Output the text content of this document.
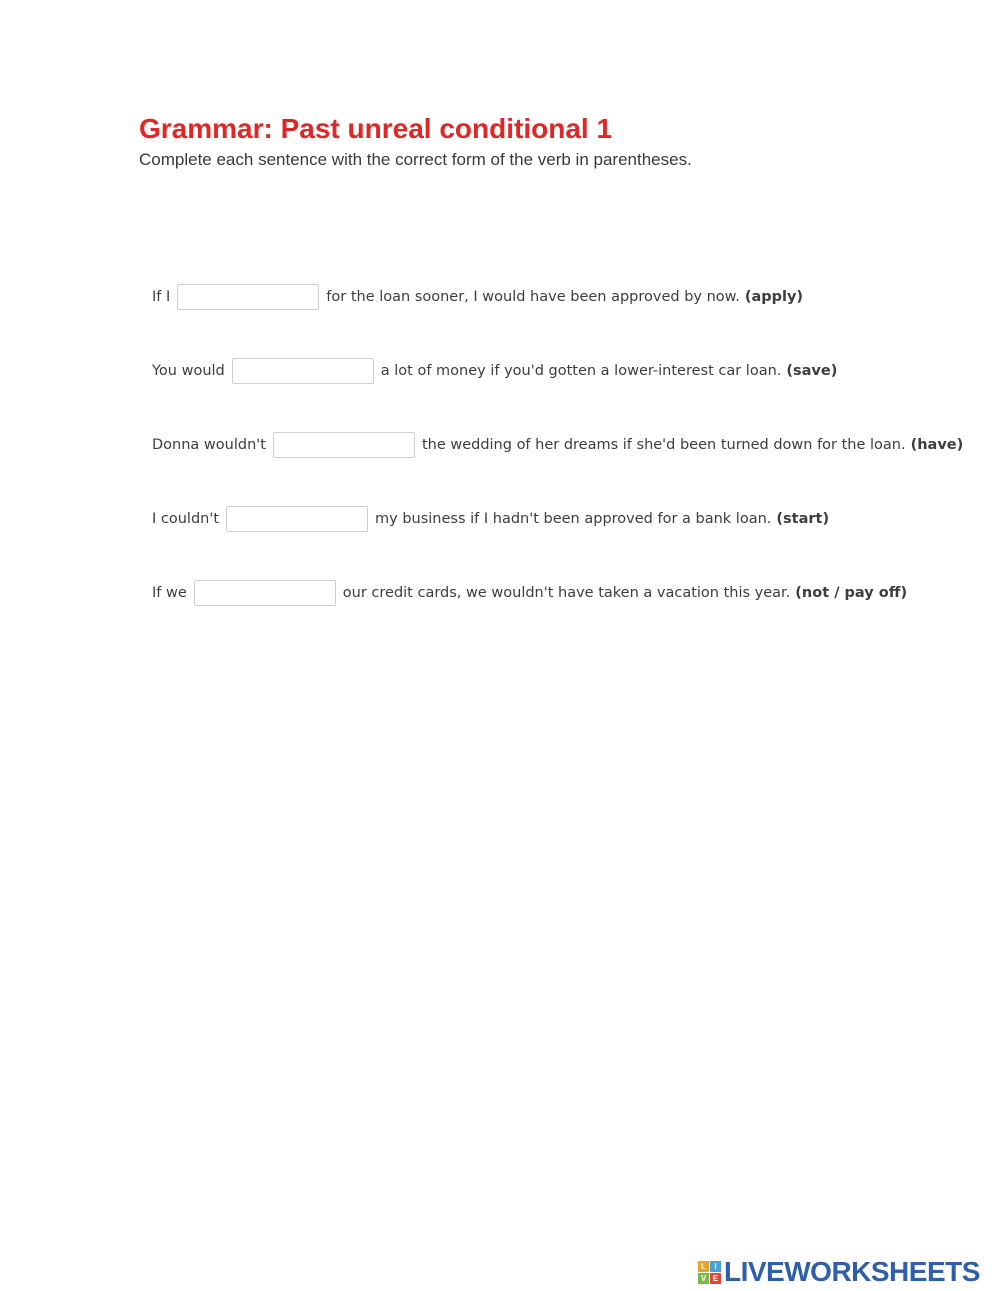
Grammar: Past unreal conditional 1

Complete each sentence with the correct form of the verb in parentheses.

If I	for the loan sooner, I would have been approved by now. (apply)
You would	a lot of money if you'd gotten a lower-interest car loan. (save)
Donna wouldn't	the wedding of her dreams if she'd been turned down for the loan. (have)
I couldn't	my business if I hadn't been approved for a bank loan. (start)
If we	our credit cards, we wouldn't have taken a vacation this year. (not / pay off)
L	I
V E LIVEWORKSHEETS
